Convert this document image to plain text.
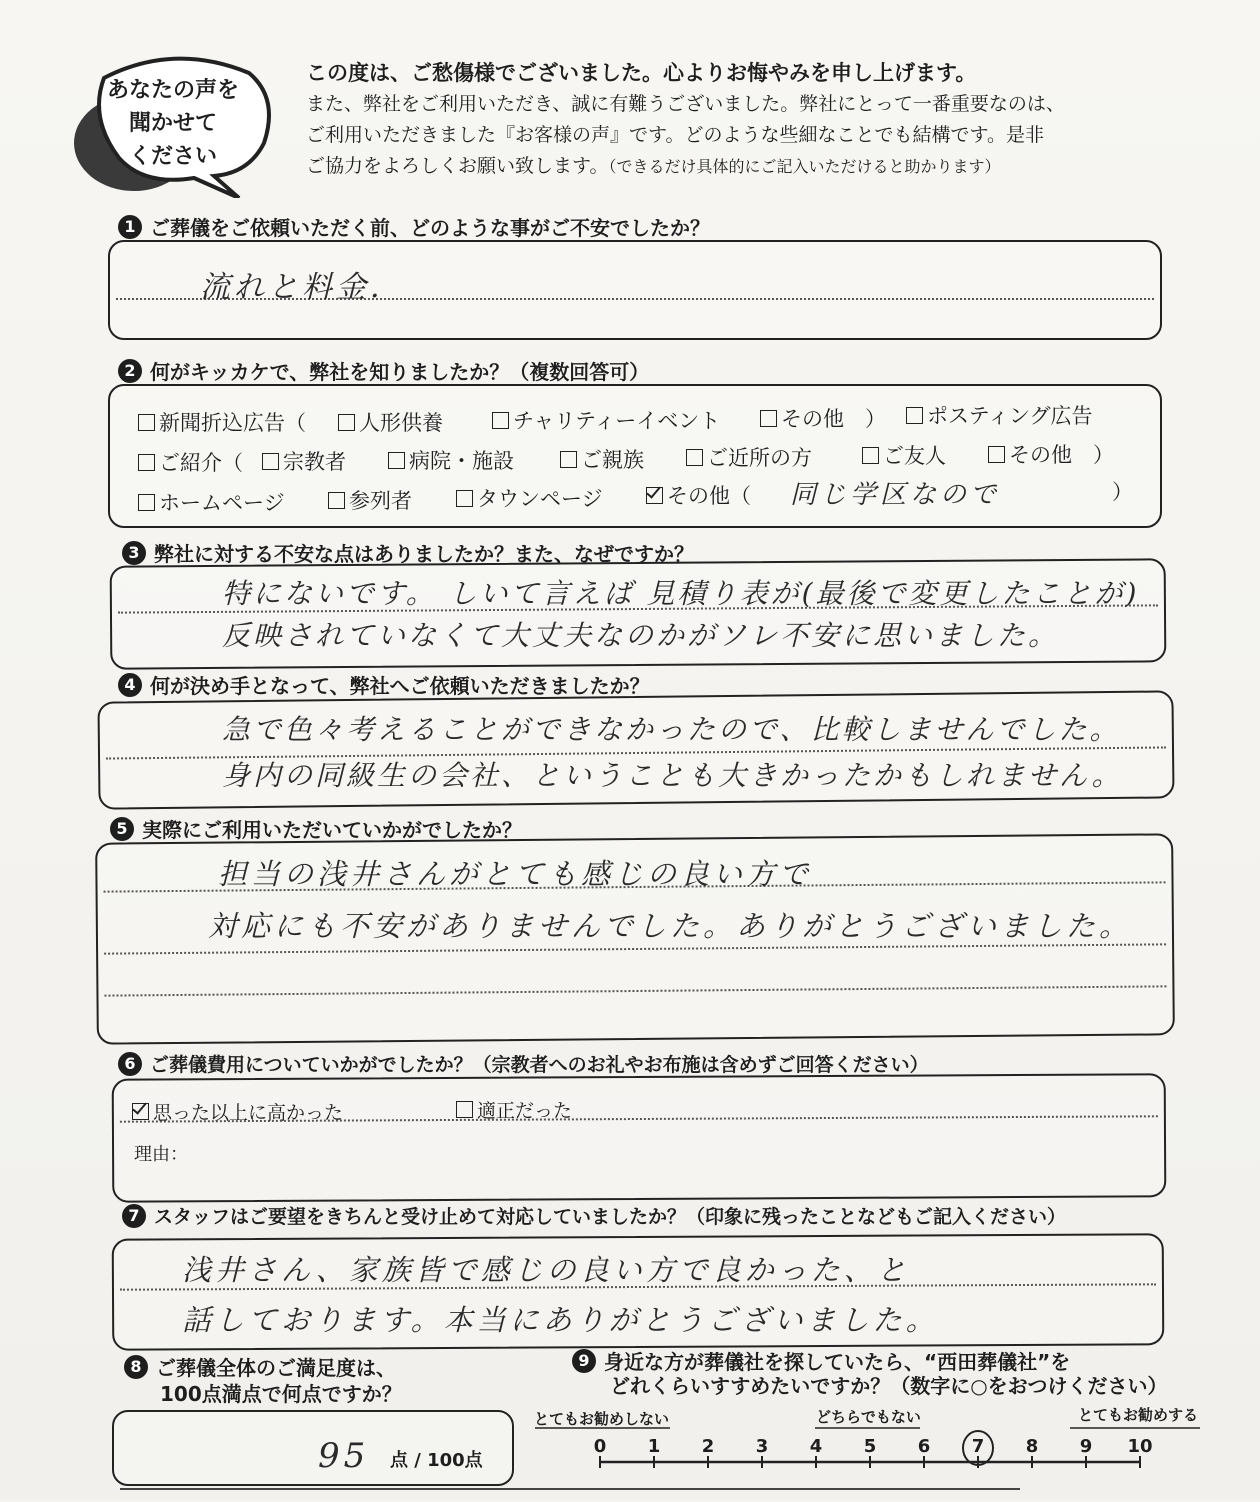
あなたの声を
聞かせて
ください
この度は、ご愁傷様でございました。心よりお悔やみを申し上げます。
また、弊社をご利用いただき、誠に有難うございました。弊社にとって一番重要なのは、
ご利用いただきました『お客様の声』です。どのような些細なことでも結構です。是非
ご協力をよろしくお願い致します。（できるだけ具体的にご記入いただけると助かります）
1 ご葬儀をご依頼いただく前、どのような事がご不安でしたか？
流れと料金.
2 何がキッカケで、弊社を知りましたか？（複数回答可）
新聞折込広告（	人形供養	チャリティーイベント	その他　）	ポスティング広告
ご紹介（	宗教者	病院・施設	ご親族	ご近所の方	ご友人	その他　）
ホームページ	参列者	タウンページ	その他（ 同じ学区なので	）
3 弊社に対する不安な点はありましたか？また、なぜですか？
特にないです。 しいて言えば 見積り表が(最後で変更したことが)
反映されていなくて大丈夫なのかがソレ不安に思いました。
4 何が決め手となって、弊社へご依頼いただきましたか？
急で色々考えることができなかったので、比較しませんでした。
身内の同級生の会社、ということも大きかったかもしれません。
5 実際にご利用いただいていかがでしたか？
担当の浅井さんがとても感じの良い方で
対応にも不安がありませんでした。ありがとうございました。
6 ご葬儀費用についていかがでしたか？（宗教者へのお礼やお布施は含めずご回答ください）
思った以上に高かった	適正だった
理由：
7 スタッフはご要望をきちんと受け止めて対応していましたか？（印象に残ったことなどもご記入ください）
浅井さん、家族皆で感じの良い方で良かった、と
話しております。本当にありがとうございました。
8 ご葬儀全体のご満足度は、
100点満点で何点ですか？
95 点 / 100点
9 身近な方が葬儀社を探していたら、“西田葬儀社”を
どれくらいすすめたいですか？（数字に○をおつけください）
とてもお勧めしない	どちらでもない	とてもお勧めする
0	1	2	3	4	5	6	7	8	9	10
